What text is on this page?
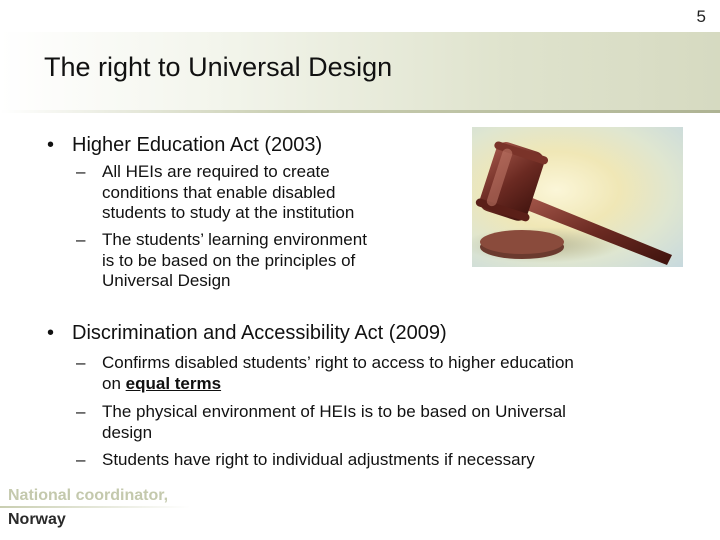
5
The right to Universal Design
• Higher Education Act (2003)
– All HEIs are required to create
conditions that enable disabled
students to study at the institution
– The students’ learning environment
is to be based on the principles of
Universal Design
• Discrimination and Accessibility Act (2009)
– Confirms disabled students’ right to access to higher education
on equal terms
– The physical environment of HEIs is to be based on Universal
design
– Students have right to individual adjustments if necessary
National coordinator,
Norway
